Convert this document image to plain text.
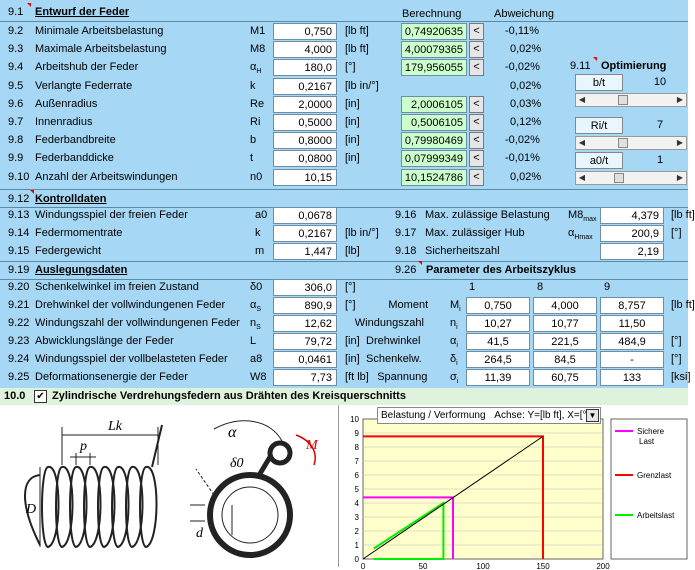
9.1 Entwurf der Feder	Berechnung	Abweichung
9.2 Minimale Arbeitsbelastung	M1	0,750	[lb ft]	0,74920635 <	-0,11%
9.3 Maximale Arbeitsbelastung	M8	4,000	[lb ft]	4,00079365 <	0,02%
9.4 Arbeitshub der Feder	$\alpha_H$	180,0	[°]	179,956055 <	-0,02%
9.5 Verlangte Federrate	k	0,2167	[lb in/°]	0,02%
9.6 Außenradius	Re	2,0000	[in]	2,0006105 <	0,03%
9.7 Innenradius	Ri	0,5000	[in]	0,5006105 <	0,12%
9.8 Federbandbreite	b	0,8000	[in]	0,79980469 <	-0,02%
9.9 Federbanddicke	t	0,0800	[in]	0,07999349 <	-0,01%
9.10 Anzahl der Arbeitswindungen	n0	10,15	10,1524786 <	0,02%
9.11 Optimierung
b/t	10
◀	▶
Ri/t	7
◀	▶
a0/t	1
◀	▶
9.12 Kontrolldaten
9.13 Windungsspiel der freien Feder	a0	0,0678
9.14 Federmomentrate	k	0,2167	[lb in/°]
9.15 Federgewicht	m	1,447	[lb]
9.16 Max. zulässige Belastung $M8_{max}$	4,379	[lb ft]
9.17 Max. zulässiger Hub	$\alpha_{Hmax}$	200,9	[°]
9.18 Sicherheitszahl	2,19
9.19 Auslegungsdaten	9.26 Parameter des Arbeitszyklus
9.20 Schenkelwinkel im freien Zustand	δ0	306,0	[°]
9.21 Drehwinkel der vollwindungenen Feder $\alpha_S$	890,9	[°]
9.22 Windungszahl der vollwindungenen Feder $n_S$	12,62
9.23 Abwicklungslänge der Feder	L	79,72	[in]
9.24 Windungsspiel der vollbelasteten Feder a8	0,0461	[in]
9.25 Deformationsenergie der Feder	W8	7,73	[ft lb]
1	8	9
Moment $M_i$	0,750	4,000	8,757	[lb ft]
Windungszahl $n_i$	10,27	10,77	11,50
Drehwinkel	$\alpha_i$	41,5	221,5	484,9	[°]
Schenkelw.	$\delta_i$	264,5	84,5	-	[°]
Spannung $\sigma_i$	11,39	60,75	133	[ksi]
10.0 ✔ Zylindrische Verdrehungsfedern aus Drähten des Kreisquerschnitts
Lk
p
D
α
δ0
M
d
0
1
2
3
4
5
6
7
8
9
10
0	50	100	150	200
Sichere
Last
Grenzlast
Arbeitslast
Belastung / Verformung Achse: Y=[lb ft], X=[° ▼
